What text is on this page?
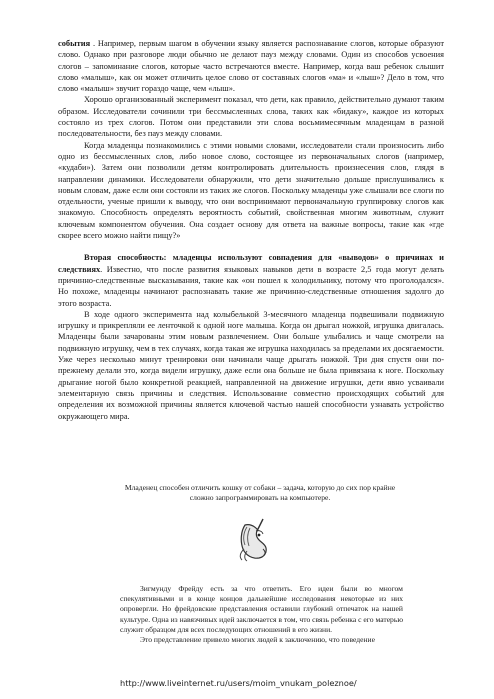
события . Например, первым шагом в обучении языку является распознавание слогов, которые образуют слово. Однако при разговоре люди обычно не делают пауз между словами. Один из способов усвоения слогов – запоминание слогов, которые часто встречаются вместе. Например, когда ваш ребенок слышит слово «малыш», как он может отличить целое слово от составных слогов «ма» и «лыш»? Дело в том, что слово «малыш» звучит гораздо чаще, чем «лыш».

Хорошо организованный эксперимент показал, что дети, как правило, действительно думают таким образом. Исследователи сочинили три бессмысленных слова, таких как «бидаку», каждое из которых состояло из трех слогов. Потом они представили эти слова восьмимесячным младенцам в разной последовательности, без пауз между словами.

Когда младенцы познакомились с этими новыми словами, исследователи стали произносить либо одно из бессмысленных слов, либо новое слово, состоящее из первоначальных слогов (например, «кудаби»). Затем они позволили детям контролировать длительность произнесения слов, глядя в направлении динамики. Исследователи обнаружили, что дети значительно дольше прислушивались к новым словам, даже если они состояли из таких же слогов. Поскольку младенцы уже слышали все слоги по отдельности, ученые пришли к выводу, что они воспринимают первоначальную группировку слогов как знакомую. Способность определять вероятность событий, свойственная многим животным, служит ключевым компонентом обучения. Она создает основу для ответа на важные вопросы, такие как «где скорее всего можно найти пищу?»

Вторая способность: младенцы используют совпадения для «выводов» о причинах и следствиях. Известно, что после развития языковых навыков дети в возрасте 2,5 года могут делать причинно-следственные высказывания, такие как «он пошел к холодильнику, потому что проголодался». Но похоже, младенцы начинают распознавать такие же причинно-следственные отношения задолго до этого возраста.

В ходе одного эксперимента над колыбелькой 3-месячного младенца подвешивали подвижную игрушку и прикрепляли ее ленточкой к одной ноге малыша. Когда он дрыгал ножкой, игрушка двигалась. Младенцы были зачарованы этим новым развлечением. Они больше улыбались и чаще смотрели на подвижную игрушку, чем в тех случаях, когда такая же игрушка находилась за пределами их досягаемости. Уже через несколько минут тренировки они начинали чаще дрыгать ножкой. Три дня спустя они по-прежнему делали это, когда видели игрушку, даже если она больше не была привязана к ноге. Поскольку дрыгание ногой было конкретной реакцией, направленной на движение игрушки, дети явно усваивали элементарную связь причины и следствия. Использование совместно происходящих событий для определения их возможной причины является ключевой частью нашей способности узнавать устройство окружающего мира.

Младенец способен отличить кошку от собаки – задача, которую до сих пор крайне сложно запрограммировать на компьютере.

Зигмунду Фрейду есть за что ответить. Его идеи были во многом спекулятивными и в конце концов дальнейшие исследования некоторые из них опровергли. Но фрейдовские представления оставили глубокий отпечаток на нашей культуре. Одна из навязчивых идей заключается в том, что связь ребенка с его матерью служит образцом для всех последующих отношений в его жизни.

Это представление привело многих людей к заключению, что поведение

http://www.liveinternet.ru/users/moim_vnukam_poleznoe/
